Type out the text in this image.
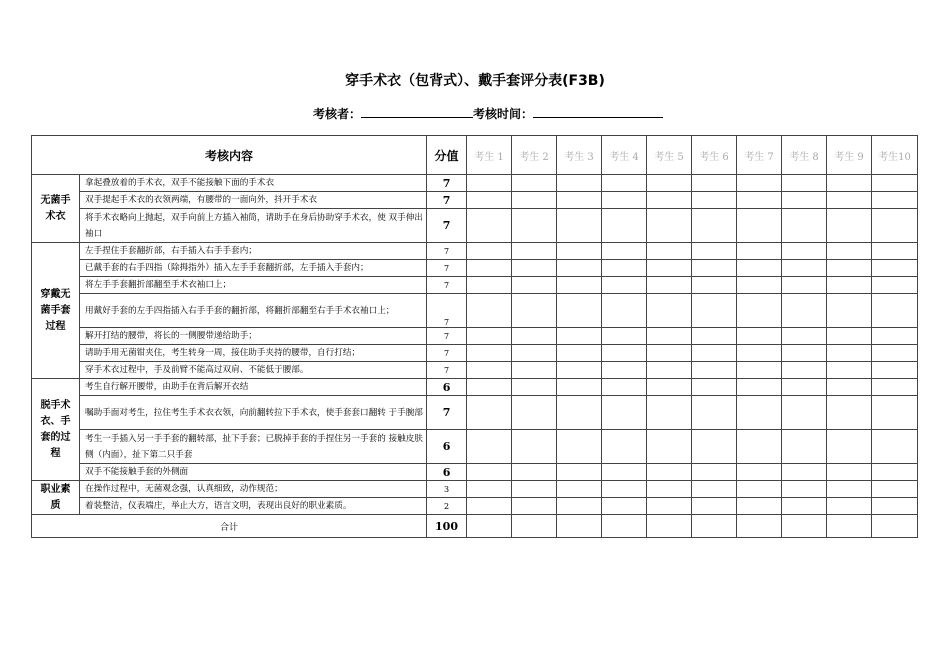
穿手术衣（包背式）、戴手套评分表(F3B)
考核者：	考核时间：
考核内容		分值	考生 1	考生 2	考生 3	考生 4	考生 5	考生 6	考生 7	考生 8	考生 9	考生10
无菌手术衣	拿起叠放着的手术衣，双手不能接触下面的手术衣	7										
	双手提起手术衣的衣领两端，有腰带的一面向外，抖开手术衣	7										
	将手术衣略向上抛起，双手向前上方插入袖筒，请助手在身后协助穿手术衣，使 双手伸出袖口	7										
穿戴无菌手套过程	左手捏住手套翻折部，右手插入右手手套内；	7										
	已戴手套的右手四指（除拇指外）插入左手手套翻折部，左手插入手套内；	7										
	将左手手套翻折部翻至手术衣袖口上；	7										
	用戴好手套的左手四指插入右手手套的翻折部，将翻折部翻至右手手术衣袖口上；	7										
	解开打结的腰带，将长的一侧腰带递给助手；	7										
	请助手用无菌钳夹住，考生转身一周，接住助手夹持的腰带，自行打结；	7										
	穿手术衣过程中，手及前臂不能高过双肩、不能低于腰部。	7										
脱手术衣、手套的过程	考生自行解开腰带，由助手在背后解开衣结	6										
	嘱助手面对考生，拉住考生手术衣衣领，向前翻转拉下手术衣，使手套套口翻转 于手腕部	7										
	考生一手插入另一手手套的翻转部，扯下手套；已脱掉手套的手捏住另一手套的 接触皮肤侧（内面），扯下第二只手套	6										
	双手不能接触手套的外侧面	6										
职业素质	在操作过程中，无菌观念强，认真细致，动作规范；	3										
	着装整洁，仪表端庄，举止大方，语言文明，表现出良好的职业素质。	2										
合计		100										
